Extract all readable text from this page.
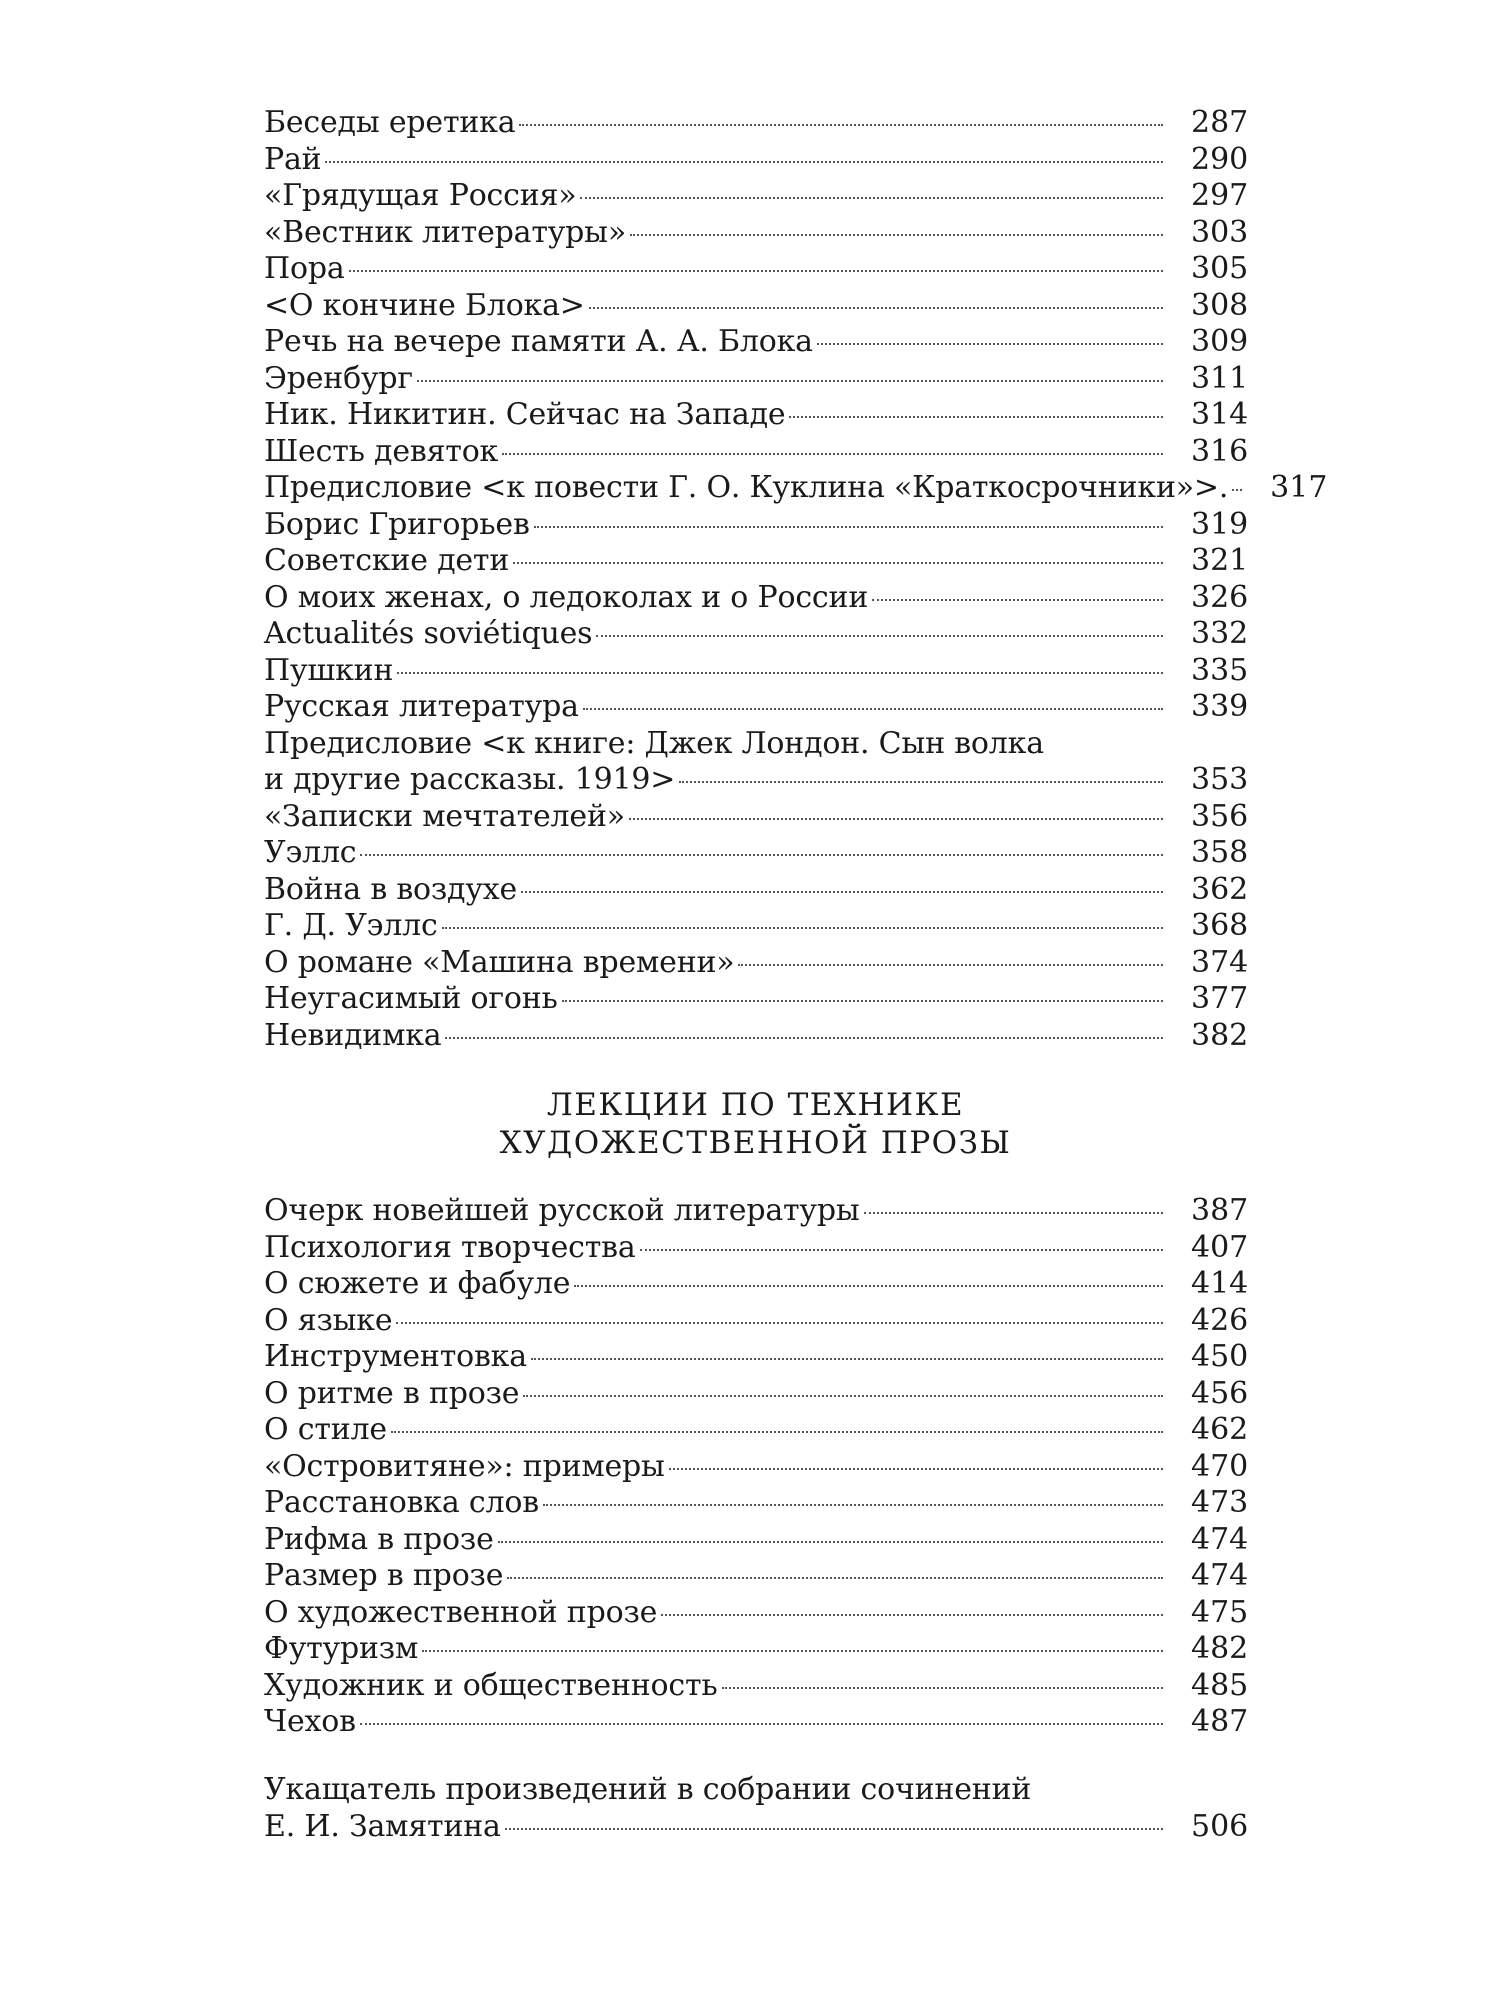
Беседы еретика	287
Рай	290
«Грядущая Россия»	297
«Вестник литературы»	303
Пора	305
<О кончине Блока>	308
Речь на вечере памяти А. А. Блока	309
Эренбург	311
Ник. Никитин. Сейчас на Западе	314
Шесть девяток	316
Предисловие <к повести Г. О. Куклина «Краткосрочники»>. 317
Борис Григорьев	319
Советские дети	321
О моих женах, о ледоколах и о России	326
Actualités soviétiques	332
Пушкин	335
Русская литература	339
Предисловие <к книге: Джек Лондон. Сын волка
и другие рассказы. 1919>	353
«Записки мечтателей»	356
Уэллс	358
Война в воздухе	362
Г. Д. Уэллс	368
О романе «Машина времени»	374
Неугасимый огонь	377
Невидимка	382
ЛЕКЦИИ ПО ТЕХНИКЕ
ХУДОЖЕСТВЕННОЙ ПРОЗЫ
Очерк новейшей русской литературы	387
Психология творчества	407
О сюжете и фабуле	414
О языке	426
Инструментовка	450
О ритме в прозе	456
О стиле	462
«Островитяне»: примеры	470
Расстановка слов	473
Рифма в прозе	474
Размер в прозе	474
О художественной прозе	475
Футуризм	482
Художник и общественность	485
Чехов	487
Укащатель произведений в собрании сочинений
Е. И. Замятина	506
